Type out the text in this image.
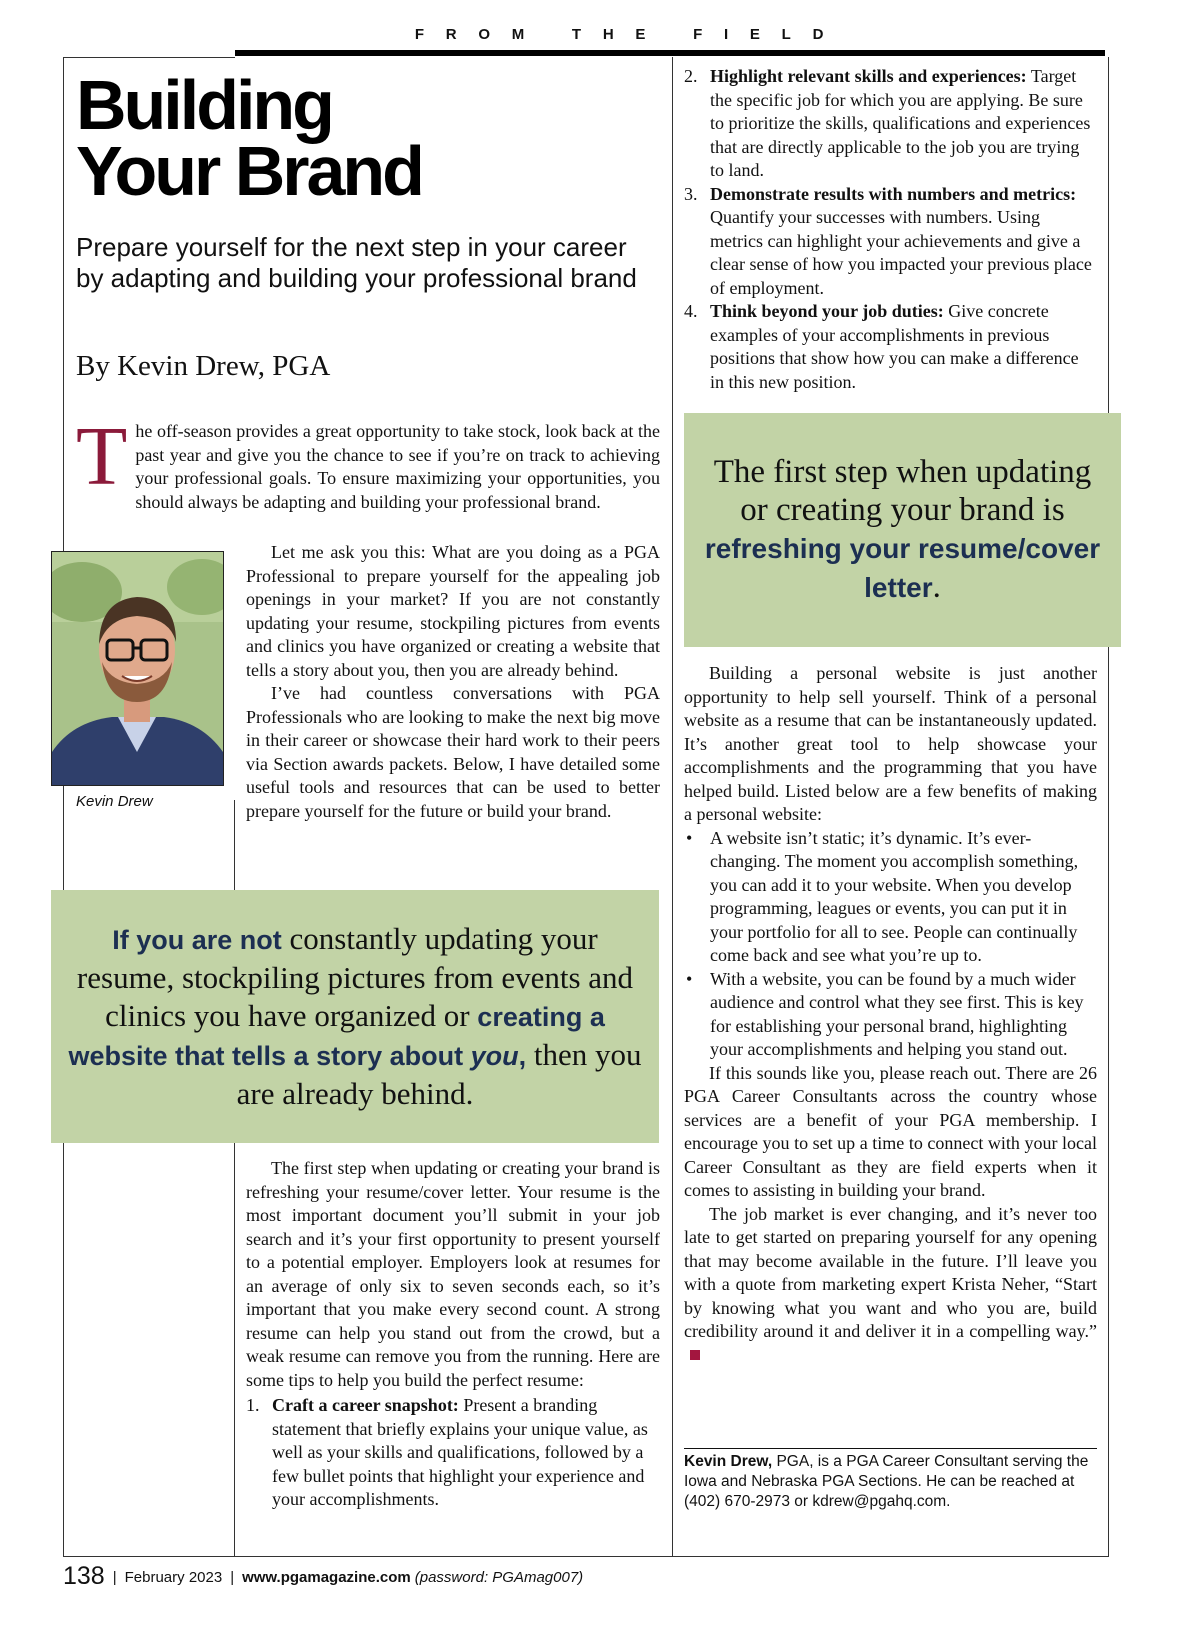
FROM THE FIELD
Building
Your Brand

Prepare yourself for the next step in your career by adapting and building your professional brand

By Kevin Drew, PGA

The off-season provides a great opportunity to take stock, look back at the past year and give you the chance to see if you’re on track to achieving your professional goals. To ensure maximizing your opportunities, you should always be adapting and building your professional brand.

Kevin Drew

Let me ask you this: What are you doing as a PGA Professional to prepare yourself for the appealing job openings in your market? If you are not constantly updating your resume, stockpiling pictures from events and clinics you have organized or creating a website that tells a story about you, then you are already behind.

I’ve had countless conversations with PGA Professionals who are looking to make the next big move in their career or showcase their hard work to their peers via Section awards packets. Below, I have detailed some useful tools and resources that can be used to better prepare yourself for the future or build your brand.

If you are not constantly updating your resume, stockpiling pictures from events and clinics you have organized or creating a website that tells a story about you, then you are already behind.

The first step when updating or creating your brand is refreshing your resume/cover letter. Your resume is the most important document you’ll submit in your job search and it’s your first opportunity to present yourself to a potential employer. Employers look at resumes for an average of only six to seven seconds each, so it’s important that you make every second count. A strong resume can help you stand out from the crowd, but a weak resume can remove you from the running. Here are some tips to help you build the perfect resume:

1. Craft a career snapshot: Present a branding statement that briefly explains your unique value, as well as your skills and qualifications, followed by a few bullet points that highlight your experience and your accomplishments.
2. Highlight relevant skills and experiences: Target the specific job for which you are applying. Be sure to prioritize the skills, qualifications and experiences that are directly applicable to the job you are trying to land.
3. Demonstrate results with numbers and metrics: Quantify your successes with numbers. Using metrics can highlight your achievements and give a clear sense of how you impacted your previous place of employment.
4. Think beyond your job duties: Give concrete examples of your accomplishments in previous positions that show how you can make a difference in this new position.

The first step when updating or creating your brand is refreshing your resume/cover letter.

Building a personal website is just another opportunity to help sell yourself. Think of a personal website as a resume that can be instantaneously updated. It’s another great tool to help showcase your accomplishments and the programming that you have helped build. Listed below are a few benefits of making a personal website:

• A website isn’t static; it’s dynamic. It’s ever-changing. The moment you accomplish something, you can add it to your website. When you develop programming, leagues or events, you can put it in your portfolio for all to see. People can continually come back and see what you’re up to.
• With a website, you can be found by a much wider audience and control what they see first. This is key for establishing your personal brand, highlighting your accomplishments and helping you stand out.

If this sounds like you, please reach out. There are 26 PGA Career Consultants across the country whose services are a benefit of your PGA membership. I encourage you to set up a time to connect with your local Career Consultant as they are field experts when it comes to assisting in building your brand.

The job market is ever changing, and it’s never too late to get started on preparing yourself for any opening that may become available in the future. I’ll leave you with a quote from marketing expert Krista Neher, “Start by knowing what you want and who you are, build credibility around it and deliver it in a compelling way.”

Kevin Drew, PGA, is a PGA Career Consultant serving the Iowa and Nebraska PGA Sections. He can be reached at (402) 670-2973 or kdrew@pgahq.com.

138 | February 2023 | www.pgamagazine.com (password: PGAmag007)
